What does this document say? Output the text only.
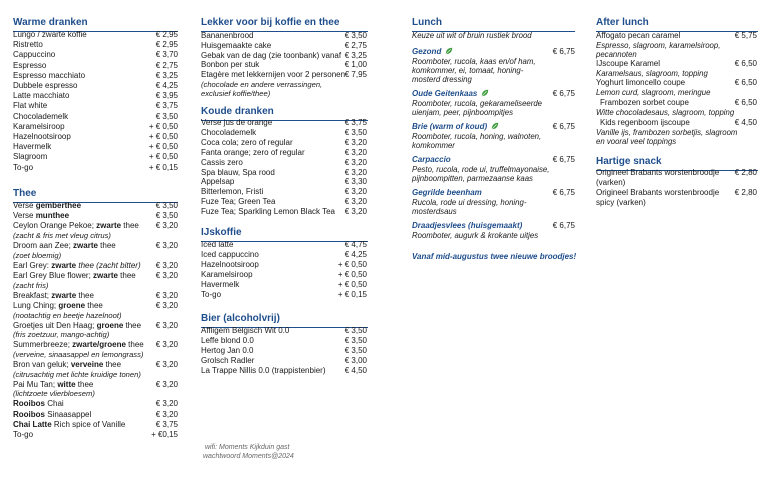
Warme dranken
Lungo / zwarte koffie	€ 2,95
Ristretto	€ 2,95
Cappuccino	€ 3,70
Espresso	€ 2,75
Espresso macchiato	€ 3,25
Dubbele espresso	€ 4,25
Latte macchiato	€ 3,95
Flat white	€ 3,75
Chocolademelk	€ 3,50
Karamelsiroop	+ € 0,50
Hazelnootsiroop	+ € 0,50
Havermelk	+ € 0,50
Slagroom	+ € 0,50
To-go	+ € 0,15
Thee
Verse gemberthee	€ 3,50
Verse munthee	€ 3,50
Ceylon Orange Pekoe; zwarte thee € 3,20
(zacht & fris met vleug citrus)
Droom aan Zee; zwarte thee	€ 3,20
(zoet bloemig)
Earl Grey: zwarte thee (zacht bitter) € 3,20
Earl Grey Blue flower; zwarte thee	€ 3,20
(zacht fris)
Breakfast; zwarte thee	€ 3,20
Lung Ching; groene thee	€ 3,20
(nootachtig en beetje hazelnoot)
Groetjes uit Den Haag; groene thee € 3,20
(fris zoetzuur, mango-achtig)
Summerbreeze; zwarte/groene thee € 3,20
(verveine, sinaasappel en lemongrass)
Bron van geluk; verveine thee	€ 3,20
(citrusachtig met lichte kruidige tonen)
Pai Mu Tan; witte thee	€ 3,20
(lichtzoete vlierbloesem)
Rooibos Chai	€ 3,20
Rooibos Sinaasappel	€ 3,20
Chai Latte Rich spice of Vanille	€ 3,75
To-go	+ €0,15
Lekker voor bij koffie en thee
Bananenbrood	€ 3,50
Huisgemaakte cake	€ 2,75
Gebak van de dag (zie toonbank) vanaf € 3,25
Bonbon per stuk	€ 1,00
Etagère met lekkernijen voor 2 personen € 7,95
(chocolade en andere verrassingen,
exclusief koffie/thee)
Koude dranken
Verse jus de orange	€ 3,75
Chocolademelk	€ 3,50
Coca cola; zero of regular	€ 3,20
Fanta orange; zero of regular	€ 3,20
Cassis zero	€ 3,20
Spa blauw, Spa rood	€ 3,20
Appelsap	€ 3,30
Bitterlemon, Fristi	€ 3,20
Fuze Tea; Green Tea	€ 3,20
Fuze Tea; Sparkling Lemon Black Tea € 3,20
IJskoffie
Iced latte	€ 4,75
Iced cappuccino	€ 4,25
Hazelnootsiroop	+ € 0,50
Karamelsiroop	+ € 0,50
Havermelk	+ € 0,50
To-go	+ € 0,15
Bier (alcoholvrij)
Affligem Belgisch Wit 0.0	€ 3,50
Leffe blond 0.0	€ 3,50
Hertog Jan 0.0	€ 3,50
Grolsch Radler	€ 3,00
La Trappe Nillis 0.0 (trappistenbier) € 4,50
wifi: Moments Kijkduin gast
wachtwoord Moments@2024
Lunch
Keuze uit wit of bruin rustiek brood
Gezond	€ 6,75
Roomboter, rucola, kaas en/of ham,
komkommer, ei, tomaat, honing-
mosterd dressing
Oude Geitenkaas	€ 6,75
Roomboter, rucola, gekarameliseerde
uienjam, peer, pijnboompitjes
Brie (warm of koud)	€ 6,75
Roomboter, rucola, honing, walnoten,
komkommer
Carpaccio	€ 6,75
Pesto, rucola, rode ui, truffelmayonaise,
pijnboompitten, parmezaanse kaas
Gegrilde beenham	€ 6,75
Rucola, rode ui dressing, honing-
mosterdsaus
Draadjesvlees (huisgemaakt)	€ 6,75
Roomboter, augurk & krokante uitjes
Vanaf mid-augustus twee nieuwe broodjes!
After lunch
Affogato pecan caramel	€ 5,75
Espresso, slagroom, karamelsiroop,
pecannoten
IJscoupe Karamel	€ 6,50
Karamelsaus, slagroom, topping
Yoghurt limoncello coupe	€ 6,50
Lemon curd, slagroom, meringue
Frambozen sorbet coupe	€ 6,50
Witte chocoladesaus, slagroom, topping
Kids regenboom ijscoupe	€ 4,50
Vanille ijs, frambozen sorbetjis, slagroom
en vooral veel toppings
Hartige snack
Origineel Brabants worstenbroodje € 2,80
(varken)
Origineel Brabants worstenbroodje € 2,80
spicy (varken)
